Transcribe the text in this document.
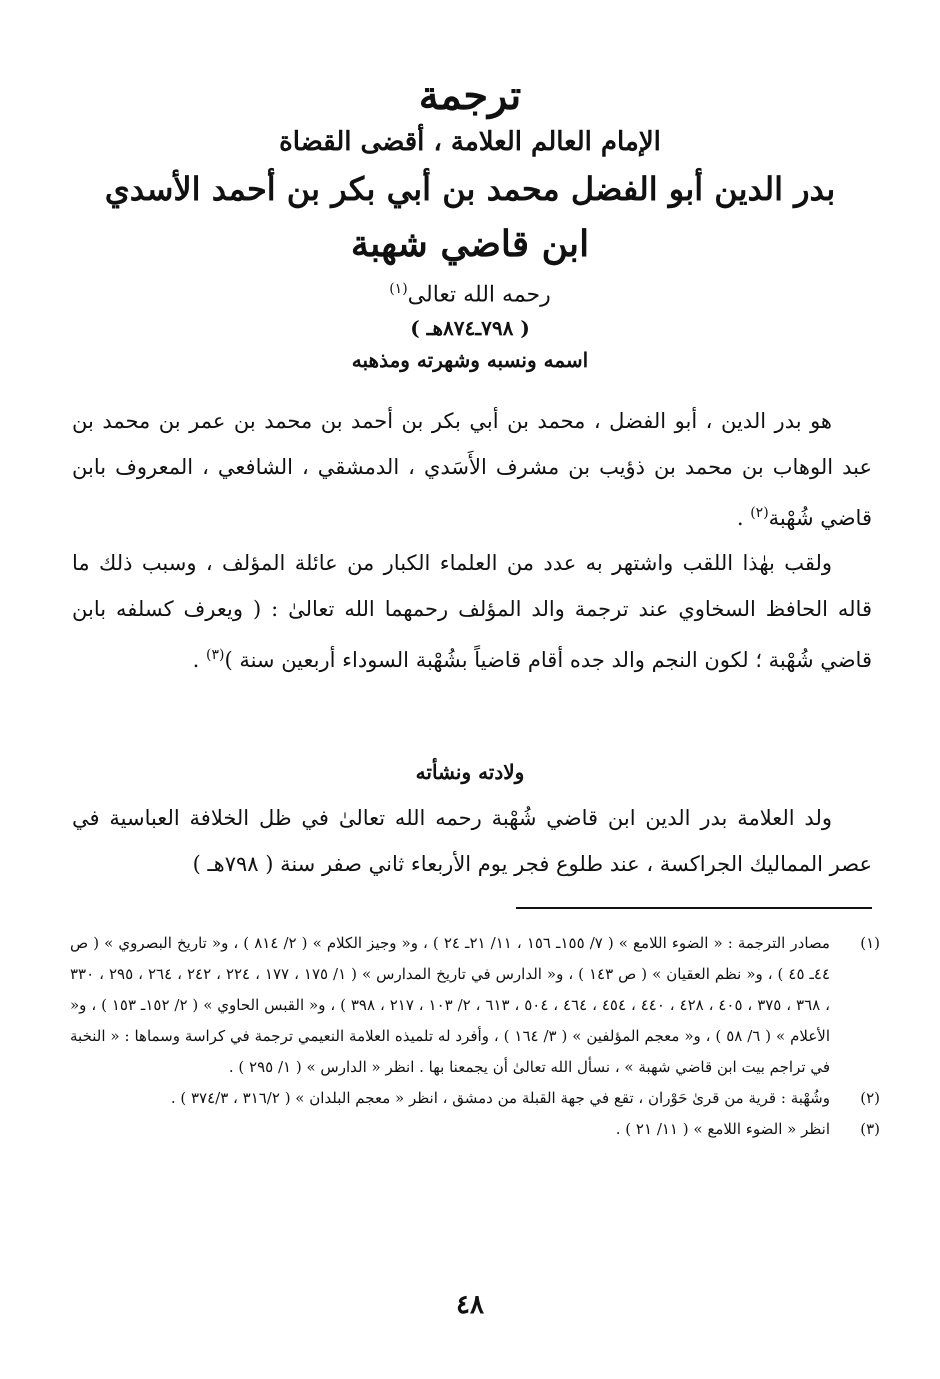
ترجمة
الإمام العالم العلامة ، أقضى القضاة
بدر الدين أبو الفضل محمد بن أبي بكر بن أحمد الأسدي
ابن قاضي شهبة
رحمه الله تعالى$^{(١)}$
( ٧٩٨ـ٨٧٤هـ )
اسمه ونسبه وشهرته ومذهبه
هو بدر الدين ، أبو الفضل ، محمد بن أبي بكر بن أحمد بن محمد بن عمر بن محمد بن عبد الوهاب بن محمد بن ذؤيب بن مشرف الأَسَدي ، الدمشقي ، الشافعي ، المعروف بابن قاضي شُهْبة$^{(٢)}$ .
ولقب بهٰذا اللقب واشتهر به عدد من العلماء الكبار من عائلة المؤلف ، وسبب ذلك ما قاله الحافظ السخاوي عند ترجمة والد المؤلف رحمهما الله تعالىٰ : ( ويعرف كسلفه بابن قاضي شُهْبة ؛ لكون النجم والد جده أقام قاضياً بشُهْبة السوداء أربعين سنة )$^{(٣)}$ .
ولادته ونشأته
ولد العلامة بدر الدين ابن قاضي شُهْبة رحمه الله تعالىٰ في ظل الخلافة العباسية في عصر المماليك الجراكسة ، عند طلوع فجر يوم الأربعاء ثاني صفر سنة ( ٧٩٨هـ )
(١)
مصادر الترجمة : « الضوء اللامع » ( ٧/ ١٥٥ـ ١٥٦ ، ١١/ ٢١ـ ٢٤ ) ، و« وجيز الكلام » ( ٢/ ٨١٤ ) ، و« تاريخ البصروي » ( ص ٤٤ـ ٤٥ ) ، و« نظم العقيان » ( ص ١٤٣ ) ، و« الدارس في تاريخ المدارس » ( ١/ ١٧٥ ، ١٧٧ ، ٢٢٤ ، ٢٤٢ ، ٢٦٤ ، ٢٩٥ ، ٣٣٠ ، ٣٦٨ ، ٣٧٥ ، ٤٠٥ ، ٤٢٨ ، ٤٤٠ ، ٤٥٤ ، ٤٦٤ ، ٥٠٤ ، ٦١٣ ، ٢/ ١٠٣ ، ٢١٧ ، ٣٩٨ ) ، و« القبس الحاوي » ( ٢/ ١٥٢ـ ١٥٣ ) ، و« الأعلام » ( ٦/ ٥٨ ) ، و« معجم المؤلفين » ( ٣/ ١٦٤ ) ، وأفرد له تلميذه العلامة النعيمي ترجمة في كراسة وسماها : « النخبة في تراجم بيت ابن قاضي شهبة » ، نسأل الله تعالىٰ أن يجمعنا بها . انظر « الدارس » ( ١/ ٢٩٥ ) .
(٢)
وشُهْبة : قرية من قرىٰ حَوْران ، تقع في جهة القبلة من دمشق ، انظر « معجم البلدان » ( ٣١٦/٢ ، ٣٧٤/٣ ) .
(٣)
انظر « الضوء اللامع » ( ١١/ ٢١ ) .
٤٨
